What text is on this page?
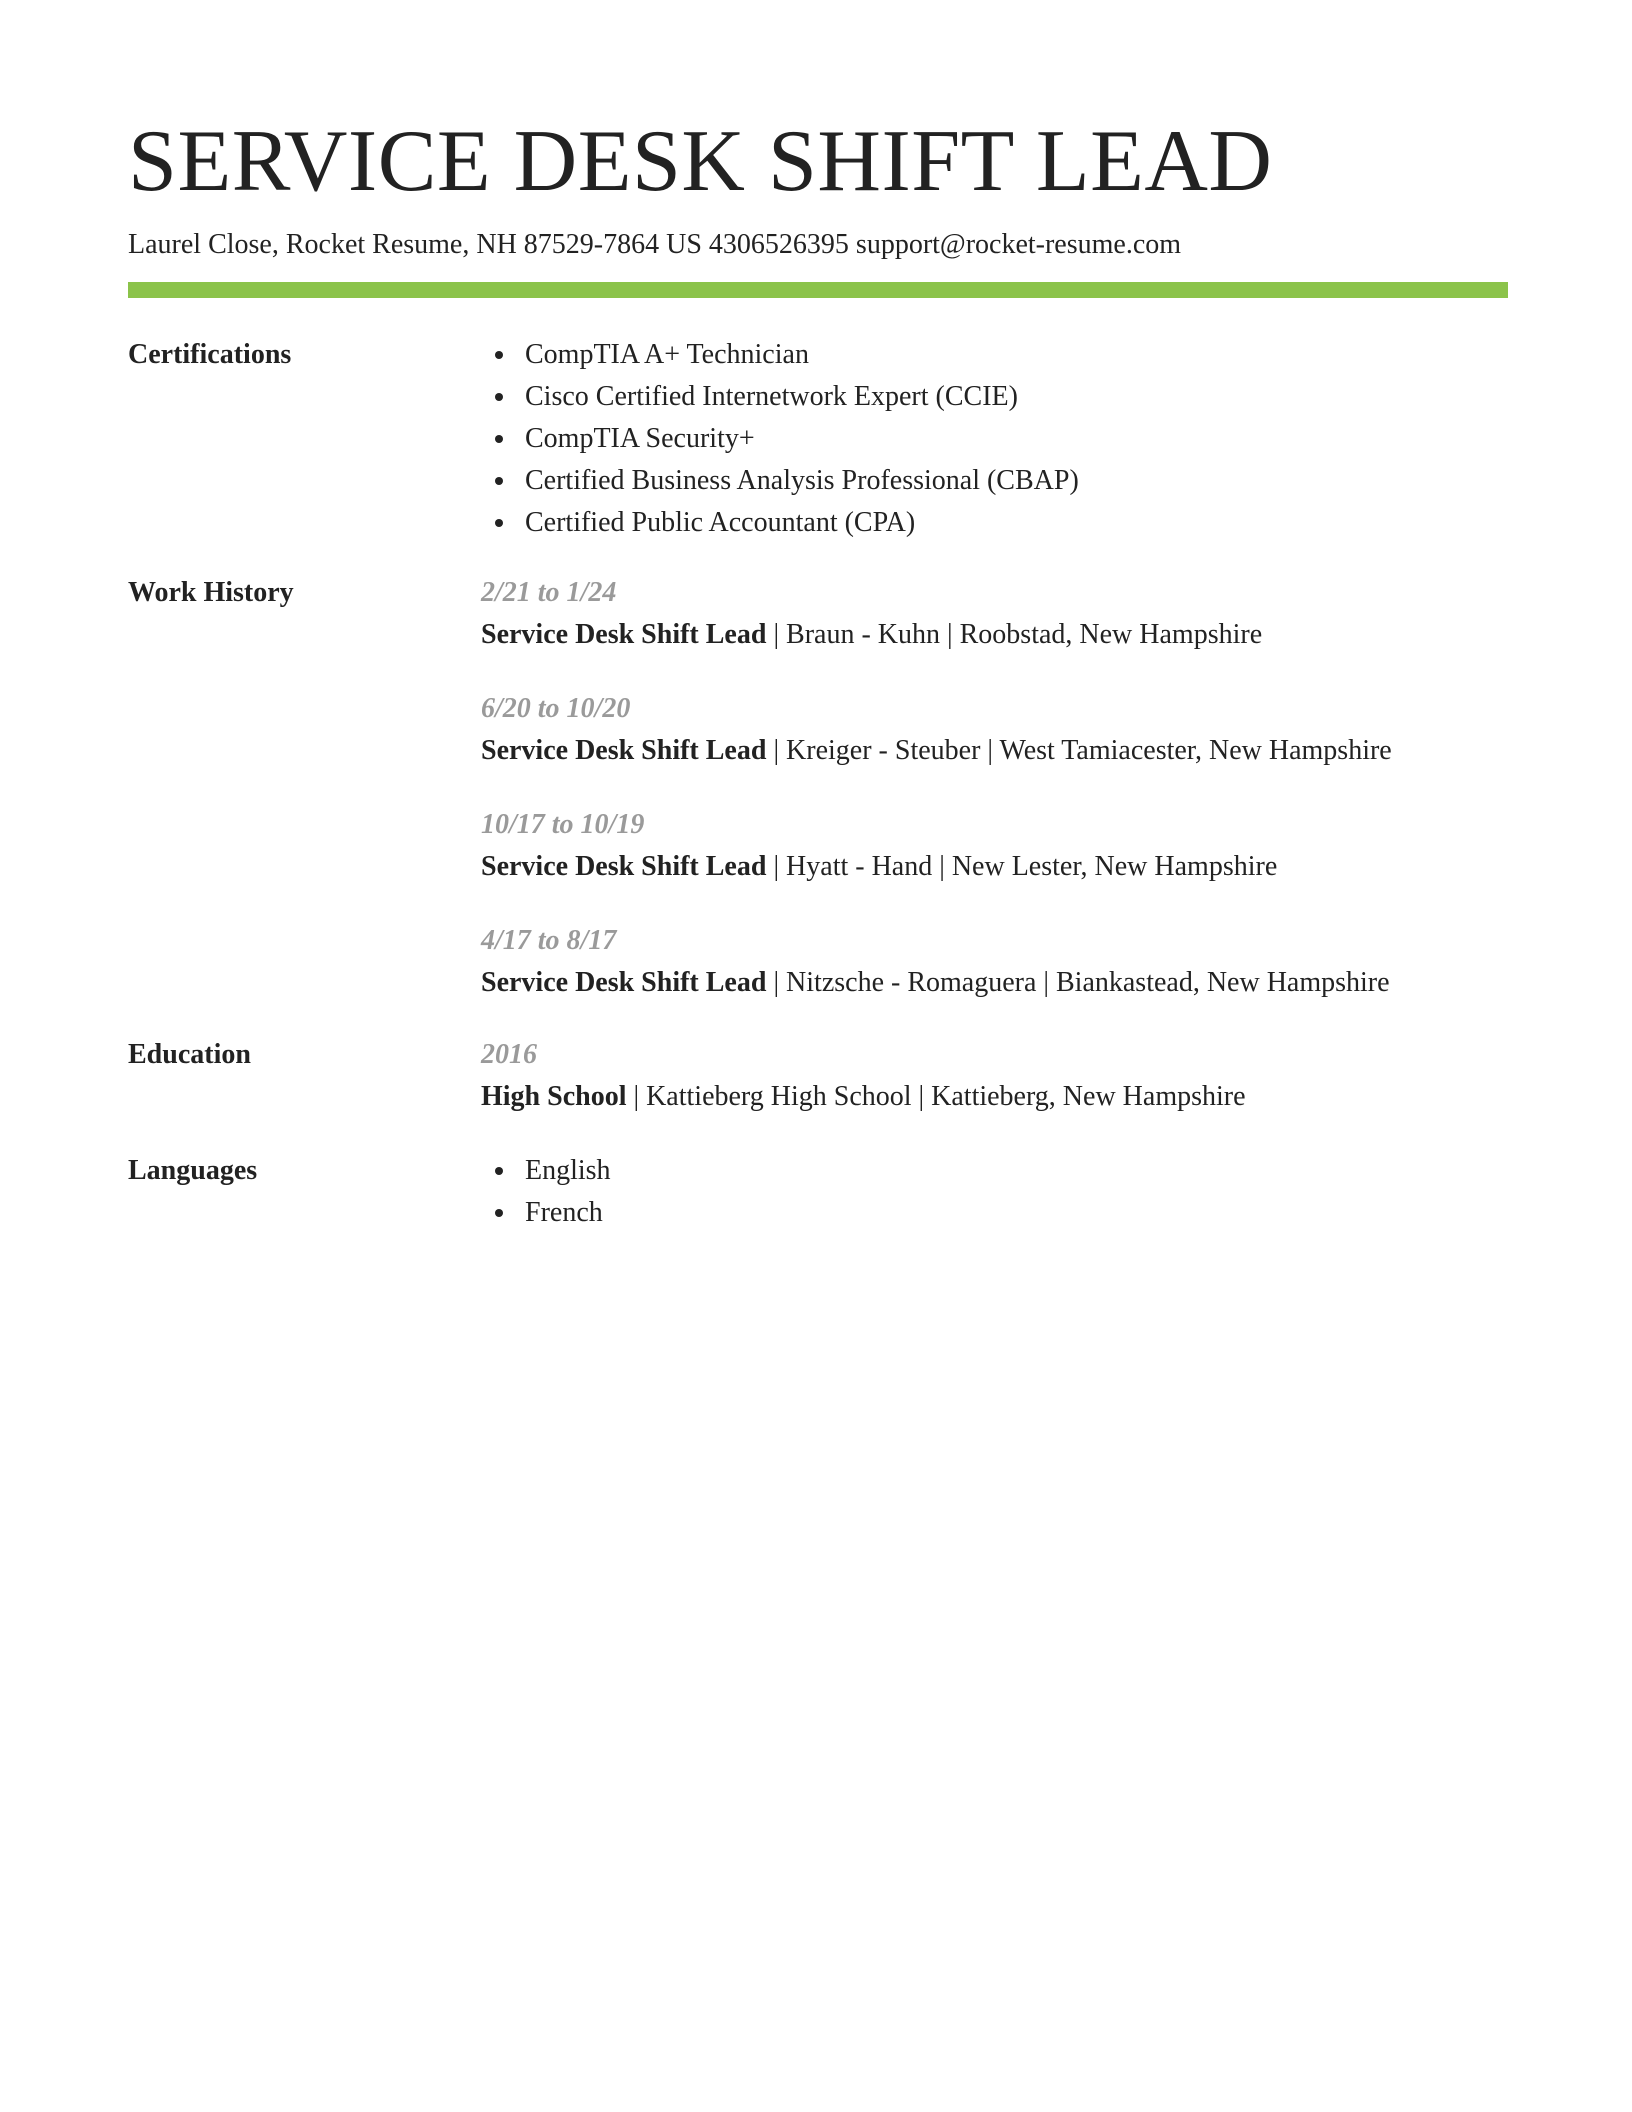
SERVICE DESK SHIFT LEAD
Laurel Close, Rocket Resume, NH 87529-7864 US 4306526395 support@rocket-resume.com
Certifications	CompTIA A+ Technician
Cisco Certified Internetwork Expert (CCIE)
CompTIA Security+
Certified Business Analysis Professional (CBAP)
Certified Public Accountant (CPA)
Work History	2/21 to 1/24
Service Desk Shift Lead | Braun - Kuhn | Roobstad, New Hampshire
6/20 to 10/20
Service Desk Shift Lead | Kreiger - Steuber | West Tamiacester, New Hampshire
10/17 to 10/19
Service Desk Shift Lead | Hyatt - Hand | New Lester, New Hampshire
4/17 to 8/17
Service Desk Shift Lead | Nitzsche - Romaguera | Biankastead, New Hampshire
Education	2016
High School | Kattieberg High School | Kattieberg, New Hampshire
Languages	English
French
